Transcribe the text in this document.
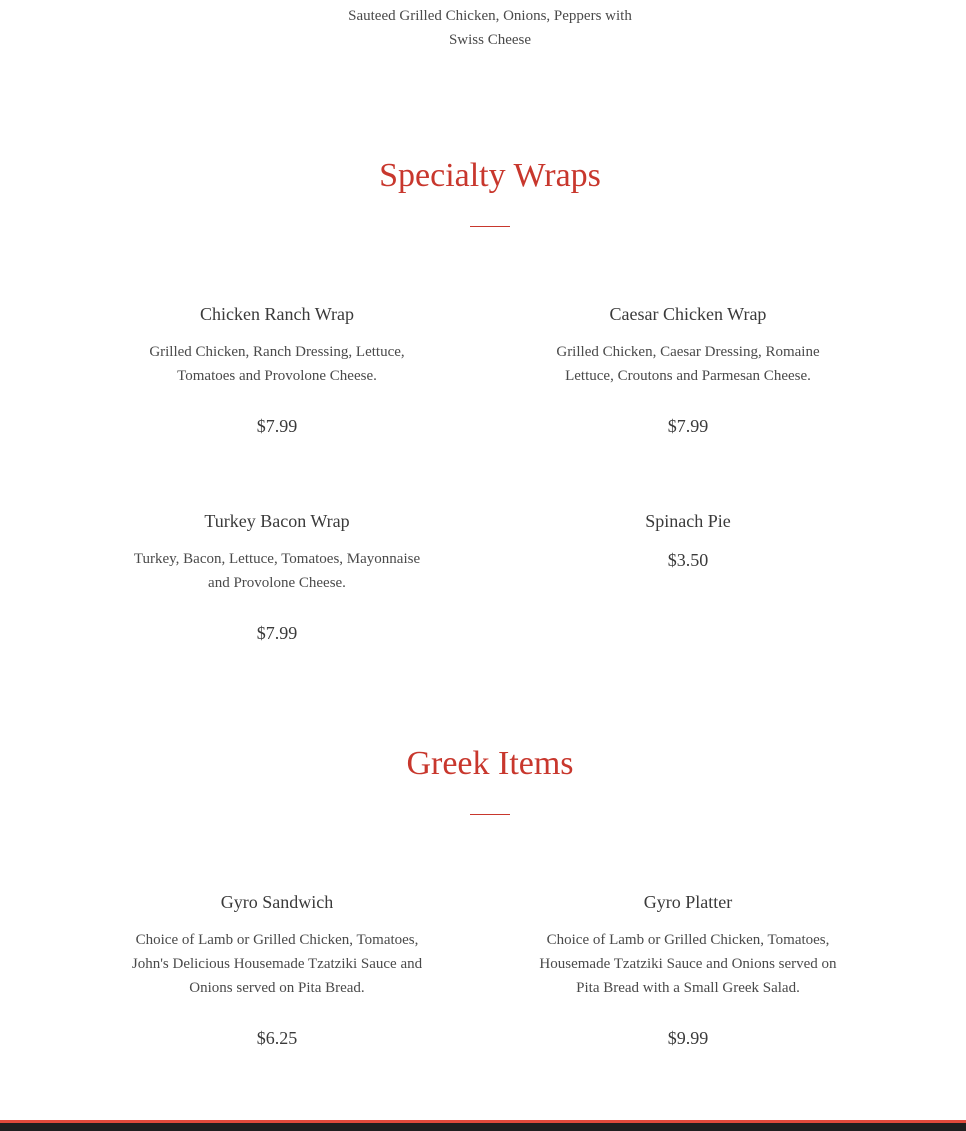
Sauteed Grilled Chicken, Onions, Peppers with Swiss Cheese
Specialty Wraps
Chicken Ranch Wrap

Grilled Chicken, Ranch Dressing, Lettuce, Tomatoes and Provolone Cheese.

$7.99
Caesar Chicken Wrap

Grilled Chicken, Caesar Dressing, Romaine Lettuce, Croutons and Parmesan Cheese.

$7.99
Turkey Bacon Wrap

Turkey, Bacon, Lettuce, Tomatoes, Mayonnaise and Provolone Cheese.

$7.99
Spinach Pie
$3.50
Greek Items
Gyro Sandwich

Choice of Lamb or Grilled Chicken, Tomatoes, John's Delicious Housemade Tzatziki Sauce and Onions served on Pita Bread.

$6.25
Gyro Platter

Choice of Lamb or Grilled Chicken, Tomatoes, Housemade Tzatziki Sauce and Onions served on Pita Bread with a Small Greek Salad.

$9.99
